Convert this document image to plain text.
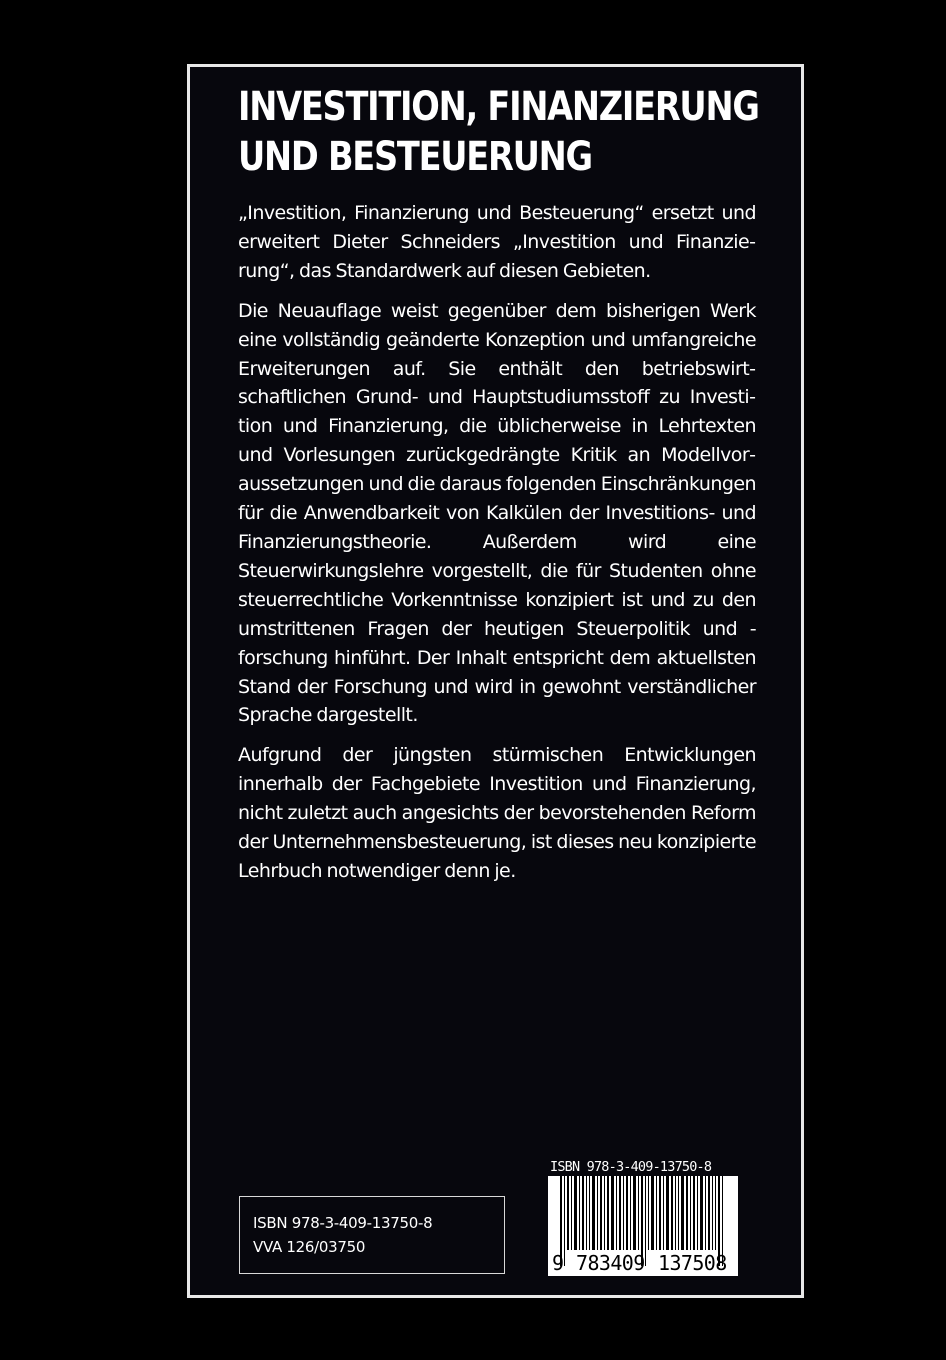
INVESTITION, FINANZIERUNG
UND BESTEUERUNG

„Investition, Finanzierung und Besteuerung“ ersetzt und erweitert Dieter Schneiders „Investition und Finanzierung“, das Standardwerk auf diesen Gebieten.

Die Neuauflage weist gegenüber dem bisherigen Werk eine vollständig geänderte Konzeption und umfangreiche Erweiterungen auf. Sie enthält den betriebswirtschaftlichen Grund- und Hauptstudiumsstoff zu Investition und Finanzierung, die üblicherweise in Lehrtexten und Vorlesungen zurückgedrängte Kritik an Modellvoraussetzungen und die daraus folgenden Einschränkungen für die Anwendbarkeit von Kalkülen der Investitions- und Finanzierungstheorie. Außerdem wird eine Steuerwirkungslehre vorgestellt, die für Studenten ohne steuerrechtliche Vorkenntnisse konzipiert ist und zu den umstrittenen Fragen der heutigen Steuerpolitik und -forschung hinführt. Der Inhalt entspricht dem aktuellsten Stand der Forschung und wird in gewohnt verständlicher Sprache dargestellt.

Aufgrund der jüngsten stürmischen Entwicklungen innerhalb der Fachgebiete Investition und Finanzierung, nicht zuletzt auch angesichts der bevorstehenden Reform der Unternehmensbesteuerung, ist dieses neu konzipierte Lehrbuch notwendiger denn je.

ISBN 978-3-409-13750-8
VVA 126/03750
ISBN 978-3-409-13750-8
9 783409 137508
